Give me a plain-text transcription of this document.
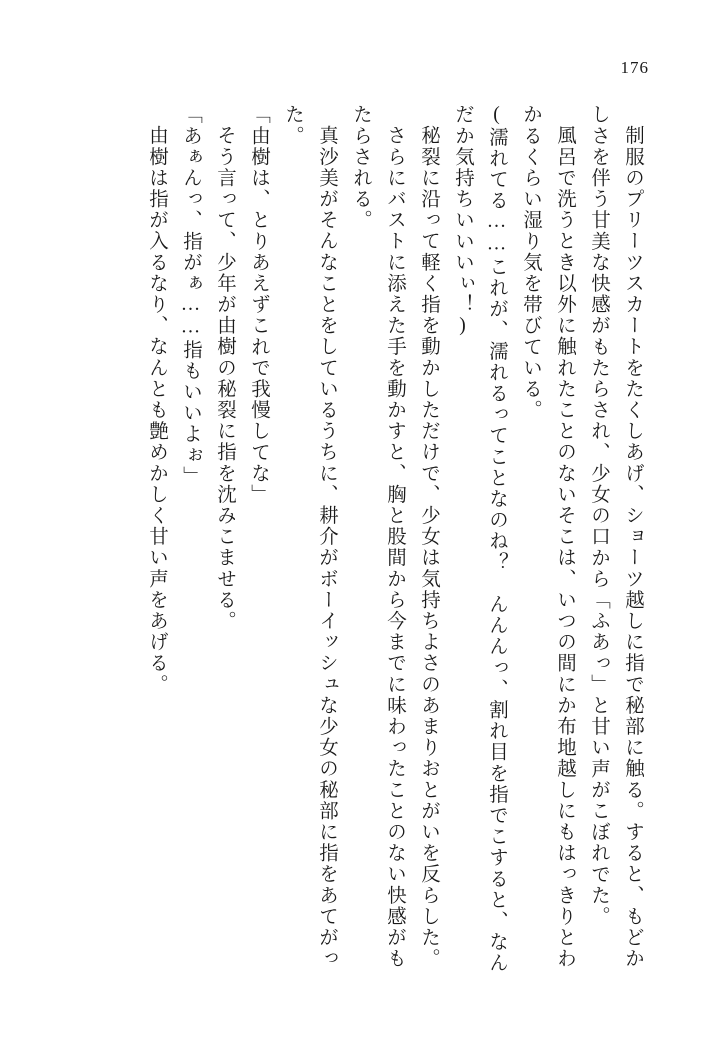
176

制服のプリーツスカートをたくしあげ、ショーツ越しに指で秘部に触る。すると、もどかしさを伴う甘美な快感がもたらされ、少女の口から「ふあっ」と甘い声がこぼれでた。

風呂で洗うとき以外に触れたことのないそこは、いつの間にか布地越しにもはっきりとわかるくらい湿り気を帯びている。

(濡れてる……これが、濡れるってことなのね？　んんんっ、割れ目を指でこすると、なんだか気持ちいいいぃ！)

秘裂に沿って軽く指を動かしただけで、少女は気持ちよさのあまりおとがいを反らした。

さらにバストに添えた手を動かすと、胸と股間から今までに味わったことのない快感がもたらされる。

真沙美がそんなことをしているうちに、耕介がボーイッシュな少女の秘部に指をあてがった。

「由樹は、とりあえずこれで我慢してな」

そう言って、少年が由樹の秘裂に指を沈みこませる。

「あぁんっ、指がぁ……指もいいよぉ」

由樹は指が入るなり、なんとも艶めかしく甘い声をあげる。
